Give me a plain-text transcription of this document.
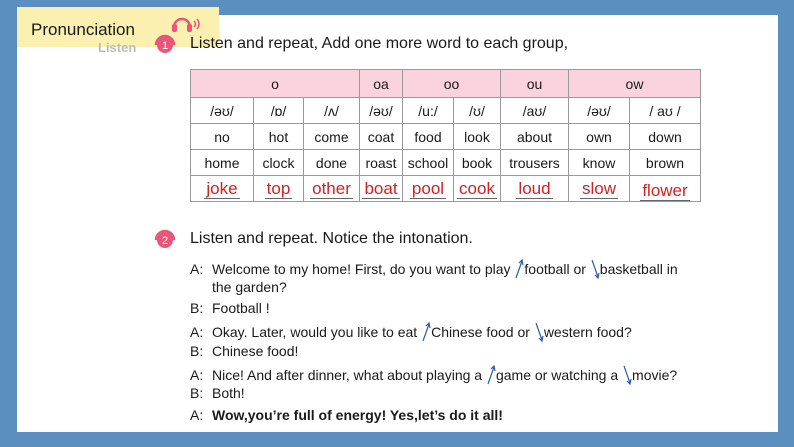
Listen
Pronunciation
1 Listen and repeat, Add one more word to each group,
o			oa	oo		ou	ow	
/əʊ/	/ɒ/	/ʌ/	/əʊ/	/u:/	/ʊ/	/aʊ/	/əʊ/	/ aʊ /
no	hot	come	coat	food	look	about	own	down
home	clock	done	roast	school	book	trousers	know	brown
joke	top	other	boat	pool	cook	loud	slow	flower
2 Listen and repeat. Notice the intonation.
A: Welcome to my home! First, do you want to play football or basketball in
the garden?
B: Football !
A: Okay. Later, would you like to eat Chinese food or western food?
B: Chinese food!
A: Nice! And after dinner, what about playing a game or watching a movie?
B: Both!
A: Wow,you’re full of energy! Yes,let’s do it all!
